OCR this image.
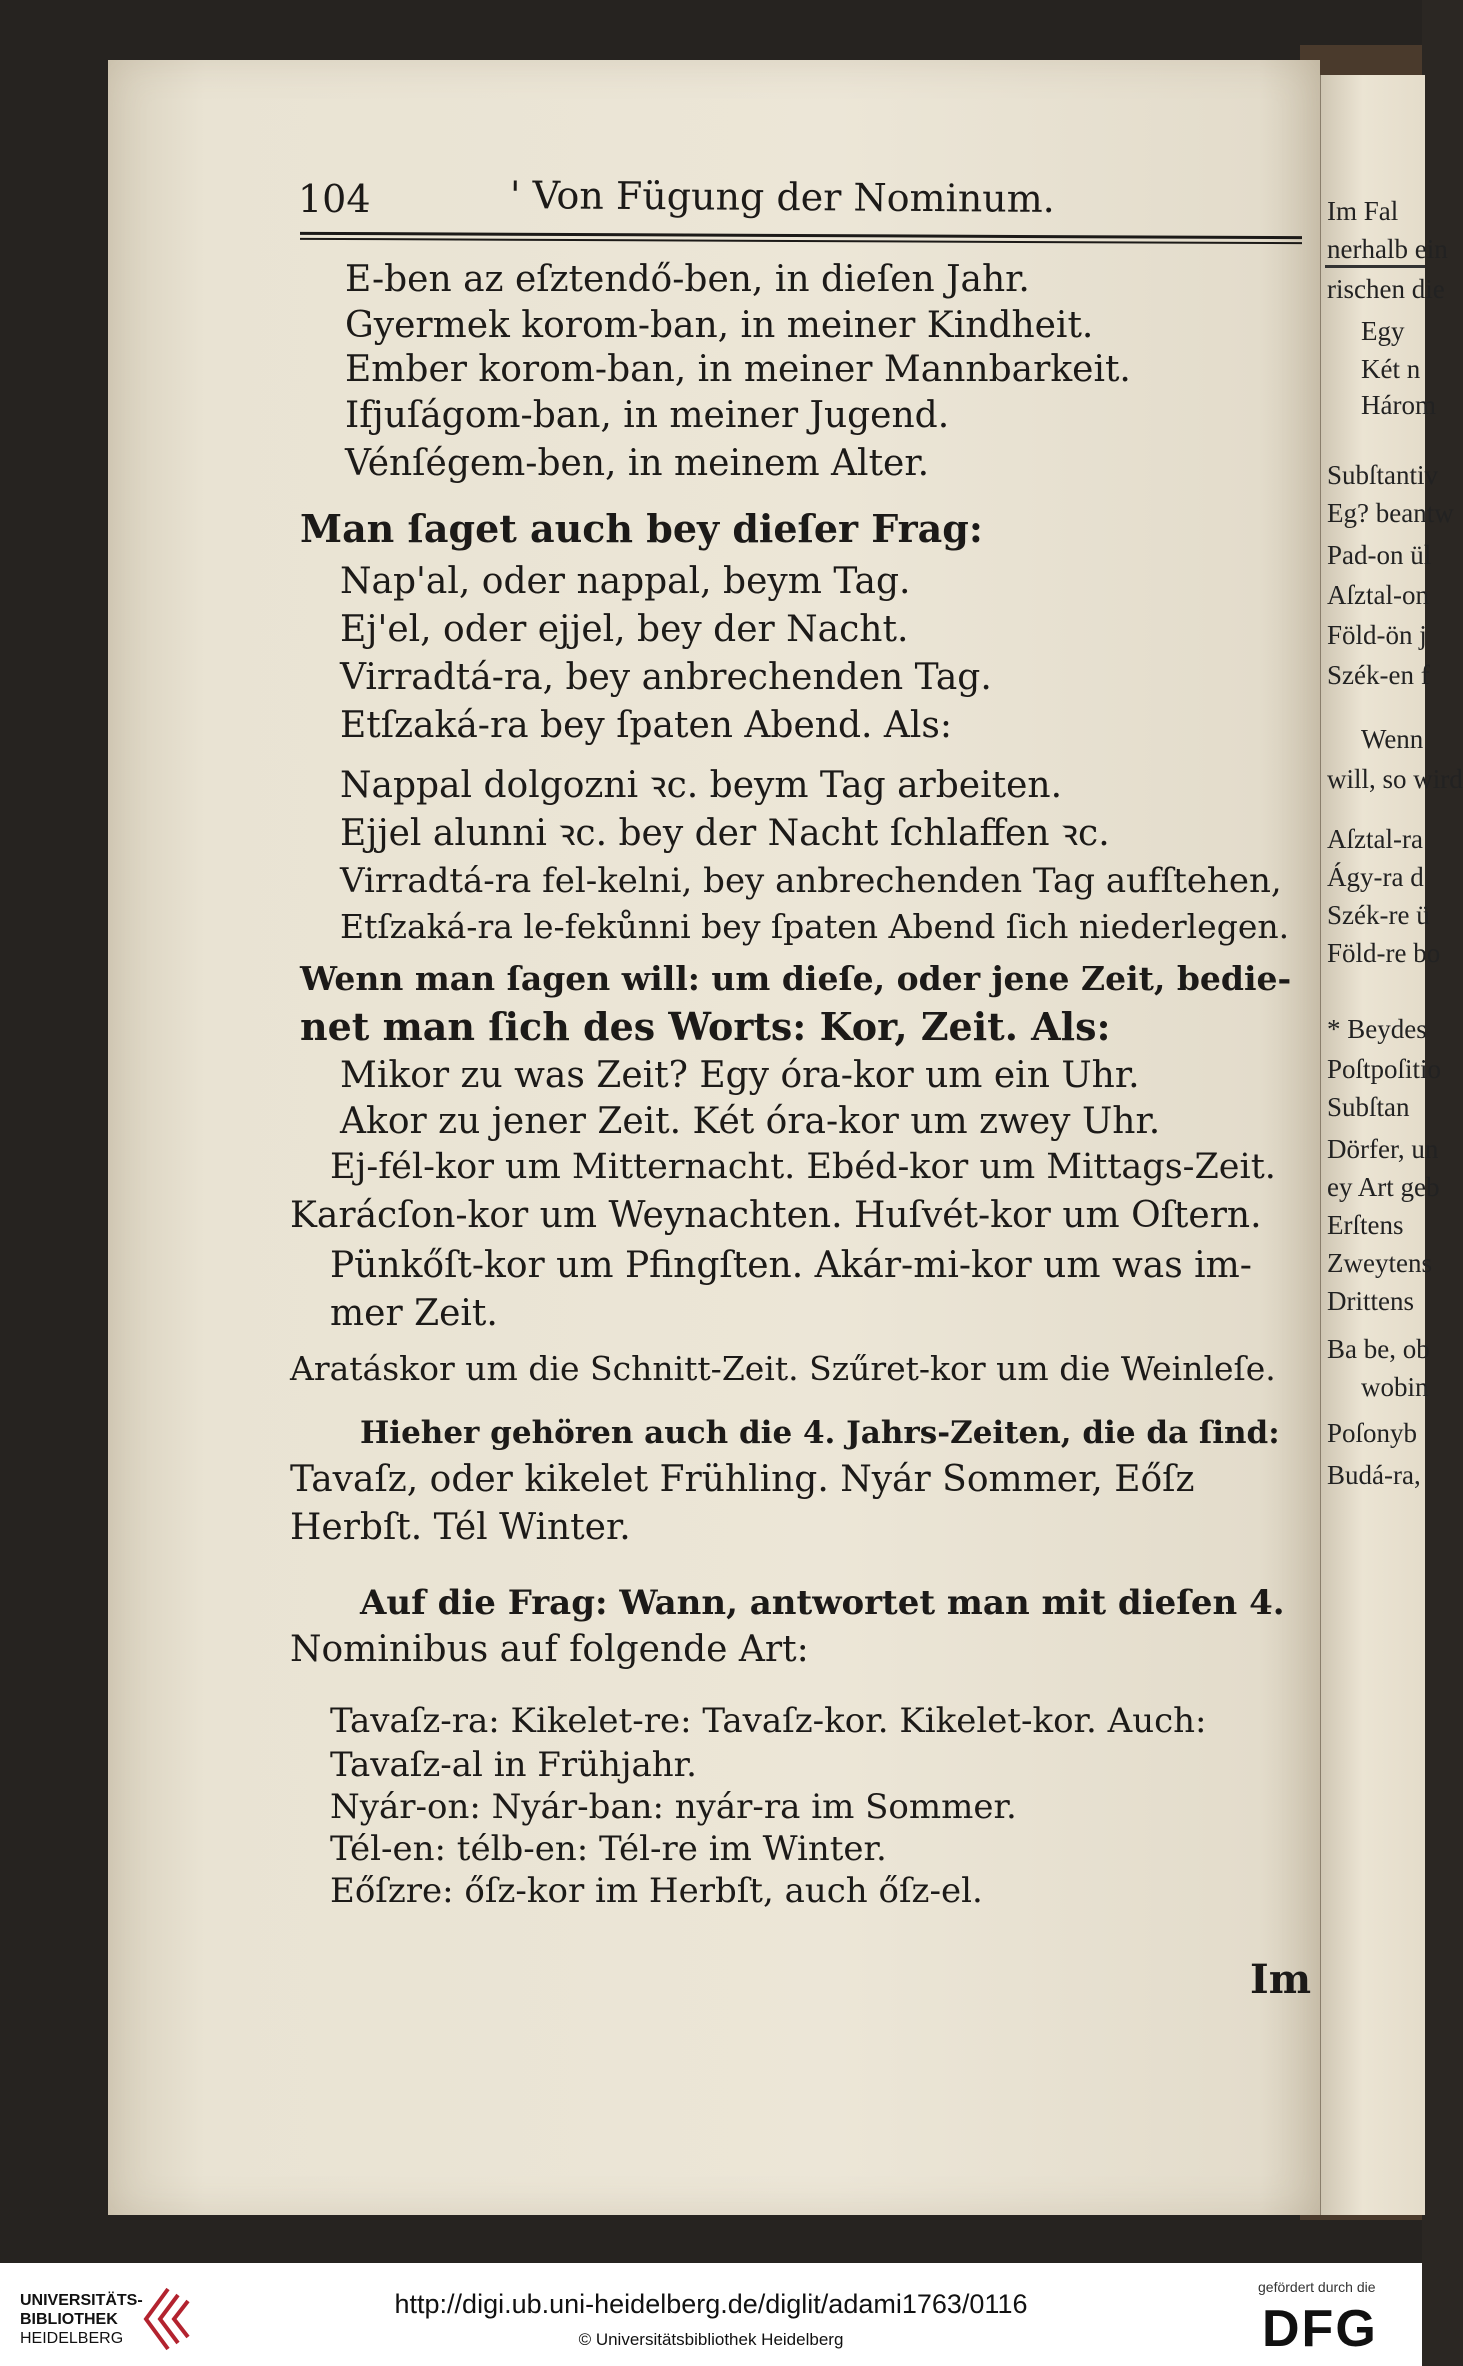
Im Fal
nerhalb ein
rischen die
Egy
Két n
Három
Subſtantiv
Eg? beantw
Pad-on ül
Aſztal-on
Föld-ön j
Szék-en f
Wenn
will, so wird
Aſztal-ra
Ágy-ra d
Szék-re ü
Föld-re bo
* Beydes
Poſtpoſitio
Subſtan
Dörfer, un
ey Art geb
Erſtens
Zweytens
Drittens
Ba be, ob
wobin
Poſonyb
Budá-ra,
104	' Von Fügung der Nominum.
E-ben az eſztendő-ben, in dieſen Jahr.
Gyermek korom-ban, in meiner Kindheit.
Ember korom-ban, in meiner Mannbarkeit.
Ifjuſágom-ban, in meiner Jugend.
Vénſégem-ben, in meinem Alter.
Man ſaget auch bey dieſer Frag:
Nap'al, oder nappal, beym Tag.
Ej'el, oder ejjel, bey der Nacht.
Virradtá-ra, bey anbrechenden Tag.
Etſzaká-ra bey ſpaten Abend. Als:
Nappal dolgozni ꝛc. beym Tag arbeiten.
Ejjel alunni ꝛc. bey der Nacht ſchlaffen ꝛc.
Virradtá-ra fel-kelni, bey anbrechenden Tag aufſtehen,
Etſzaká-ra le-fekůnni bey ſpaten Abend ſich niederlegen.
Wenn man ſagen will: um dieſe, oder jene Zeit, bedie-
net man ſich des Worts: Kor, Zeit. Als:
Mikor zu was Zeit? Egy óra-kor um ein Uhr.
Akor zu jener Zeit. Két óra-kor um zwey Uhr.
Ej-fél-kor um Mitternacht. Ebéd-kor um Mittags-Zeit.
Karácſon-kor um Weynachten. Huſvét-kor um Oſtern.
Pünkőſt-kor um Pfingſten. Akár-mi-kor um was im-
mer Zeit.
Aratáskor um die Schnitt-Zeit. Szűret-kor um die Weinleſe.
Hieher gehören auch die 4. Jahrs-Zeiten, die da ſind:
Tavaſz, oder kikelet Frühling. Nyár Sommer, Eőſz
Herbſt. Tél Winter.
Auf die Frag: Wann, antwortet man mit dieſen 4.
Nominibus auf folgende Art:
Tavaſz-ra: Kikelet-re: Tavaſz-kor. Kikelet-kor. Auch:
Tavaſz-al in Frühjahr.
Nyár-on: Nyár-ban: nyár-ra im Sommer.
Tél-en: télb-en: Tél-re im Winter.
Eőſzre: őſz-kor im Herbſt, auch őſz-el.
Im
UNIVERSITÄTS-
BIBLIOTHEK
HEIDELBERG
http://digi.ub.uni-heidelberg.de/diglit/adami1763/0116
© Universitätsbibliothek Heidelberg
gefördert durch die
DFG
